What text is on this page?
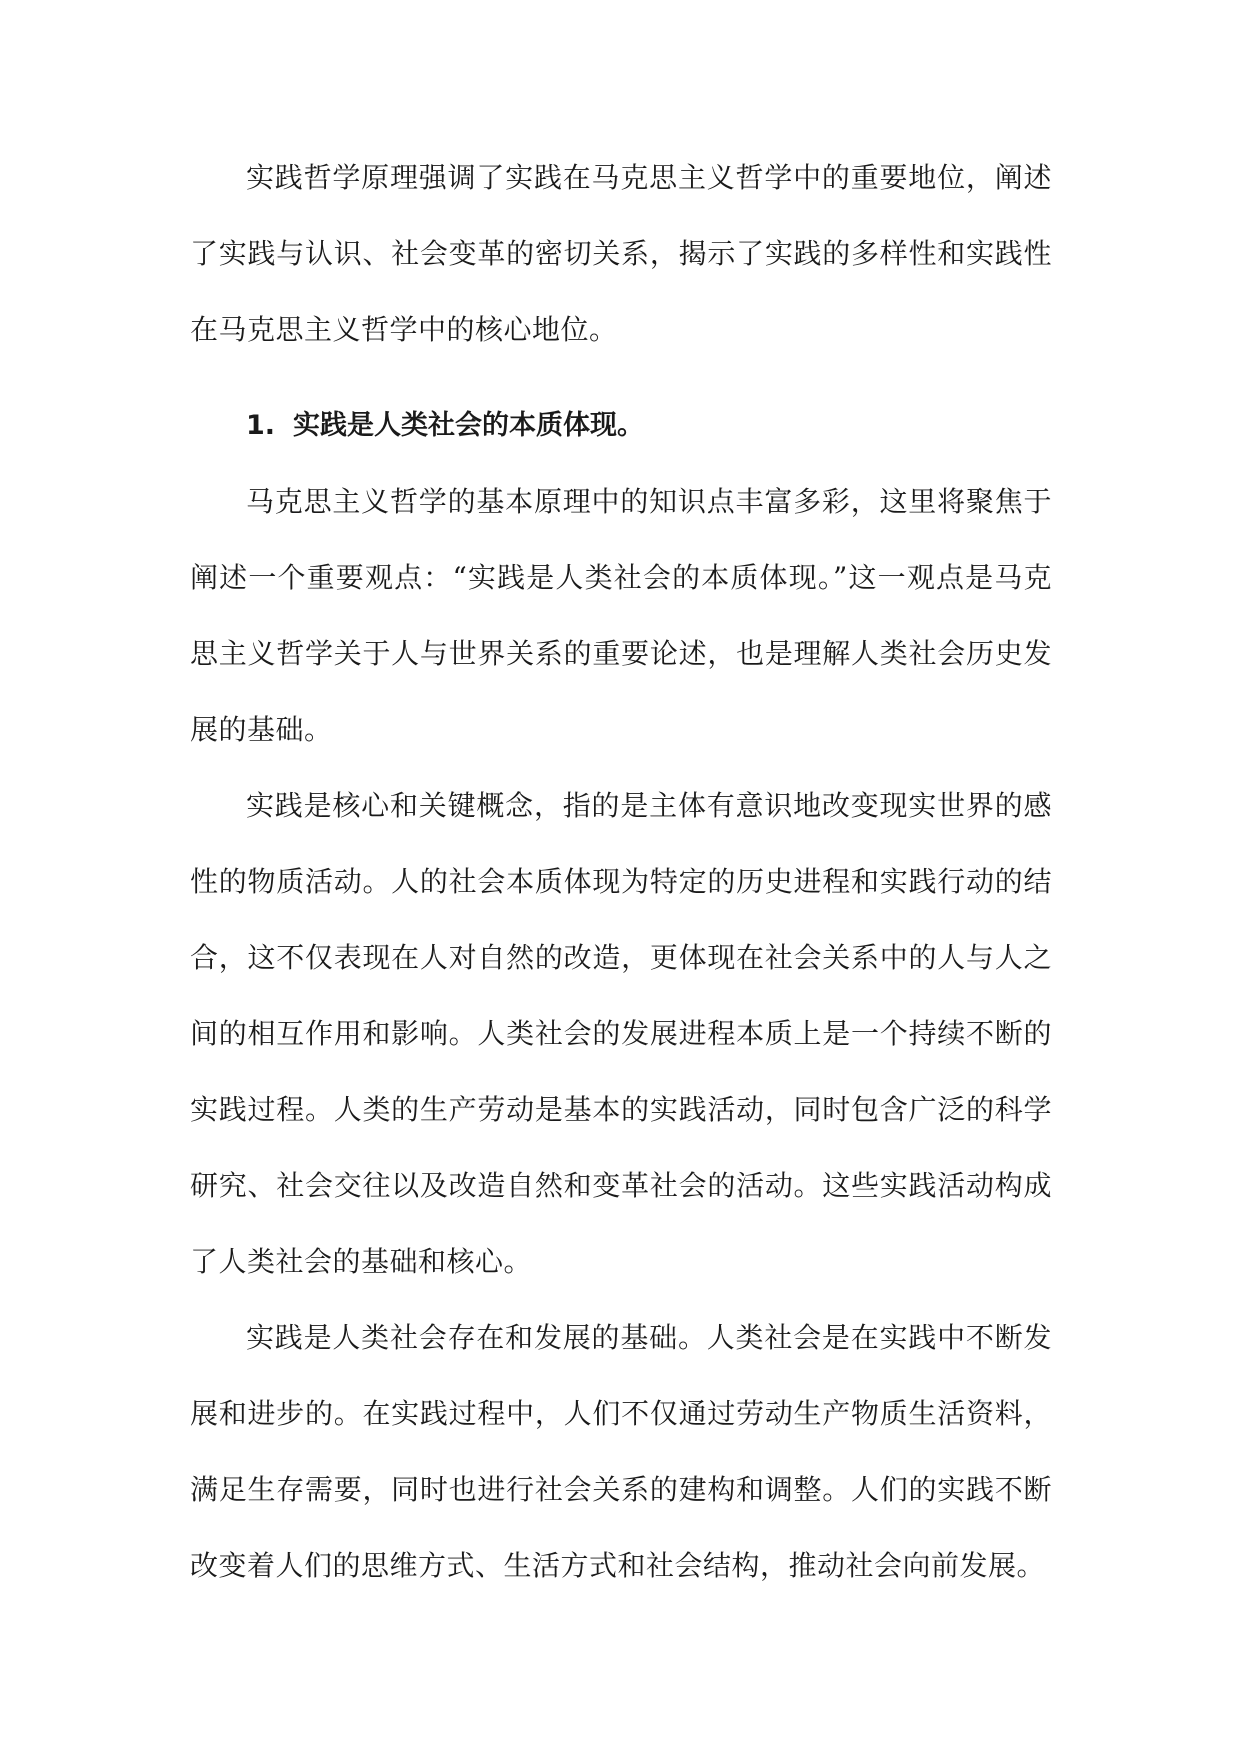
实践哲学原理强调了实践在马克思主义哲学中的重要地位，阐述了实践与认识、社会变革的密切关系，揭示了实践的多样性和实践性在马克思主义哲学中的核心地位。

1. 实践是人类社会的本质体现。

马克思主义哲学的基本原理中的知识点丰富多彩，这里将聚焦于阐述一个重要观点：“实践是人类社会的本质体现。”这一观点是马克思主义哲学关于人与世界关系的重要论述，也是理解人类社会历史发展的基础。

实践是核心和关键概念，指的是主体有意识地改变现实世界的感性的物质活动。人的社会本质体现为特定的历史进程和实践行动的结合，这不仅表现在人对自然的改造，更体现在社会关系中的人与人之间的相互作用和影响。人类社会的发展进程本质上是一个持续不断的实践过程。人类的生产劳动是基本的实践活动，同时包含广泛的科学研究、社会交往以及改造自然和变革社会的活动。这些实践活动构成了人类社会的基础和核心。

实践是人类社会存在和发展的基础。人类社会是在实践中不断发展和进步的。在实践过程中，人们不仅通过劳动生产物质生活资料，满足生存需要，同时也进行社会关系的建构和调整。人们的实践不断改变着人们的思维方式、生活方式和社会结构，推动社会向前发展。
